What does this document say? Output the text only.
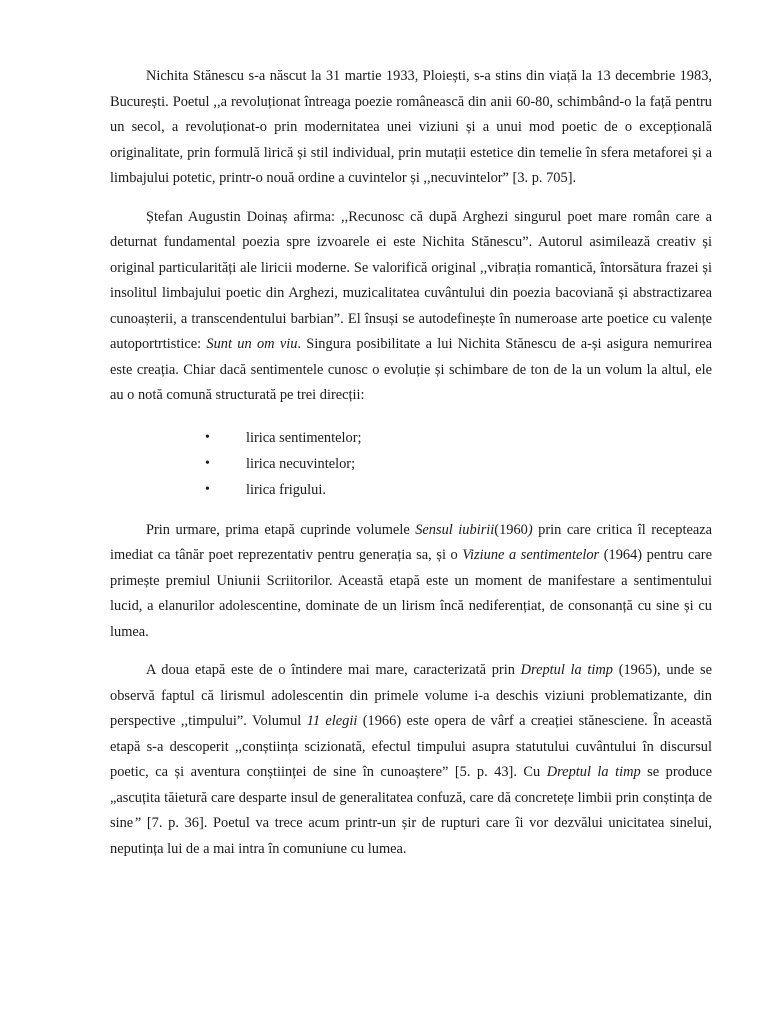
Nichita Stănescu s-a născut la 31 martie 1933, Ploiești, s-a stins din viață la 13 decembrie 1983, București. Poetul ,,a revoluționat întreaga poezie românească din anii 60-80, schimbând-o la față pentru un secol, a revoluționat-o prin modernitatea unei viziuni și a unui mod poetic de o excepțională originalitate, prin formulă lirică și stil individual, prin mutații estetice din temelie în sfera metaforei și a limbajului potetic, printr-o nouă ordine a cuvintelor și ,,necuvintelor” [3. p. 705].

Ștefan Augustin Doinaș afirma: ,,Recunosc că după Arghezi singurul poet mare român care a deturnat fundamental poezia spre izvoarele ei este Nichita Stănescu”. Autorul asimilează creativ și original particularități ale liricii moderne. Se valorifică original ,,vibrația romantică, întorsătura frazei și insolitul limbajului poetic din Arghezi, muzicalitatea cuvântului din poezia bacoviană și abstractizarea cunoașterii, a transcendentului barbian”. El însuși se autodefinește în numeroase arte poetice cu valențe autoportrtistice: Sunt un om viu. Singura posibilitate a lui Nichita Stănescu de a-și asigura nemurirea este creația. Chiar dacă sentimentele cunosc o evoluție și schimbare de ton de la un volum la altul, ele au o notă comună structurată pe trei direcții:

•	lirica sentimentelor;
•	lirica necuvintelor;
•	lirica frigului.

Prin urmare, prima etapă cuprinde volumele Sensul iubirii(1960) prin care critica îl recepteaza imediat ca tânăr poet reprezentativ pentru generația sa, și o Viziune a sentimentelor (1964) pentru care primește premiul Uniunii Scriitorilor. Această etapă este un moment de manifestare a sentimentului lucid, a elanurilor adolescentine, dominate de un lirism încă nediferențiat, de consonanță cu sine și cu lumea.

A doua etapă este de o întindere mai mare, caracterizată prin Dreptul la timp (1965), unde se observă faptul că lirismul adolescentin din primele volume i-a deschis viziuni problematizante, din perspective ,,timpului”. Volumul 11 elegii (1966) este opera de vârf a creației stănesciene. În această etapă s-a descoperit ,,conștiința scizionată, efectul timpului asupra statutului cuvântului în discursul poetic, ca și aventura conștiinței de sine în cunoaștere” [5. p. 43]. Cu Dreptul la timp se produce „ascuțita tăietură care desparte insul de generalitatea confuză, care dă concretețe limbii prin conștința de sine” [7. p. 36]. Poetul va trece acum printr-un șir de rupturi care îi vor dezvălui unicitatea sinelui, neputința lui de a mai intra în comuniune cu lumea.
